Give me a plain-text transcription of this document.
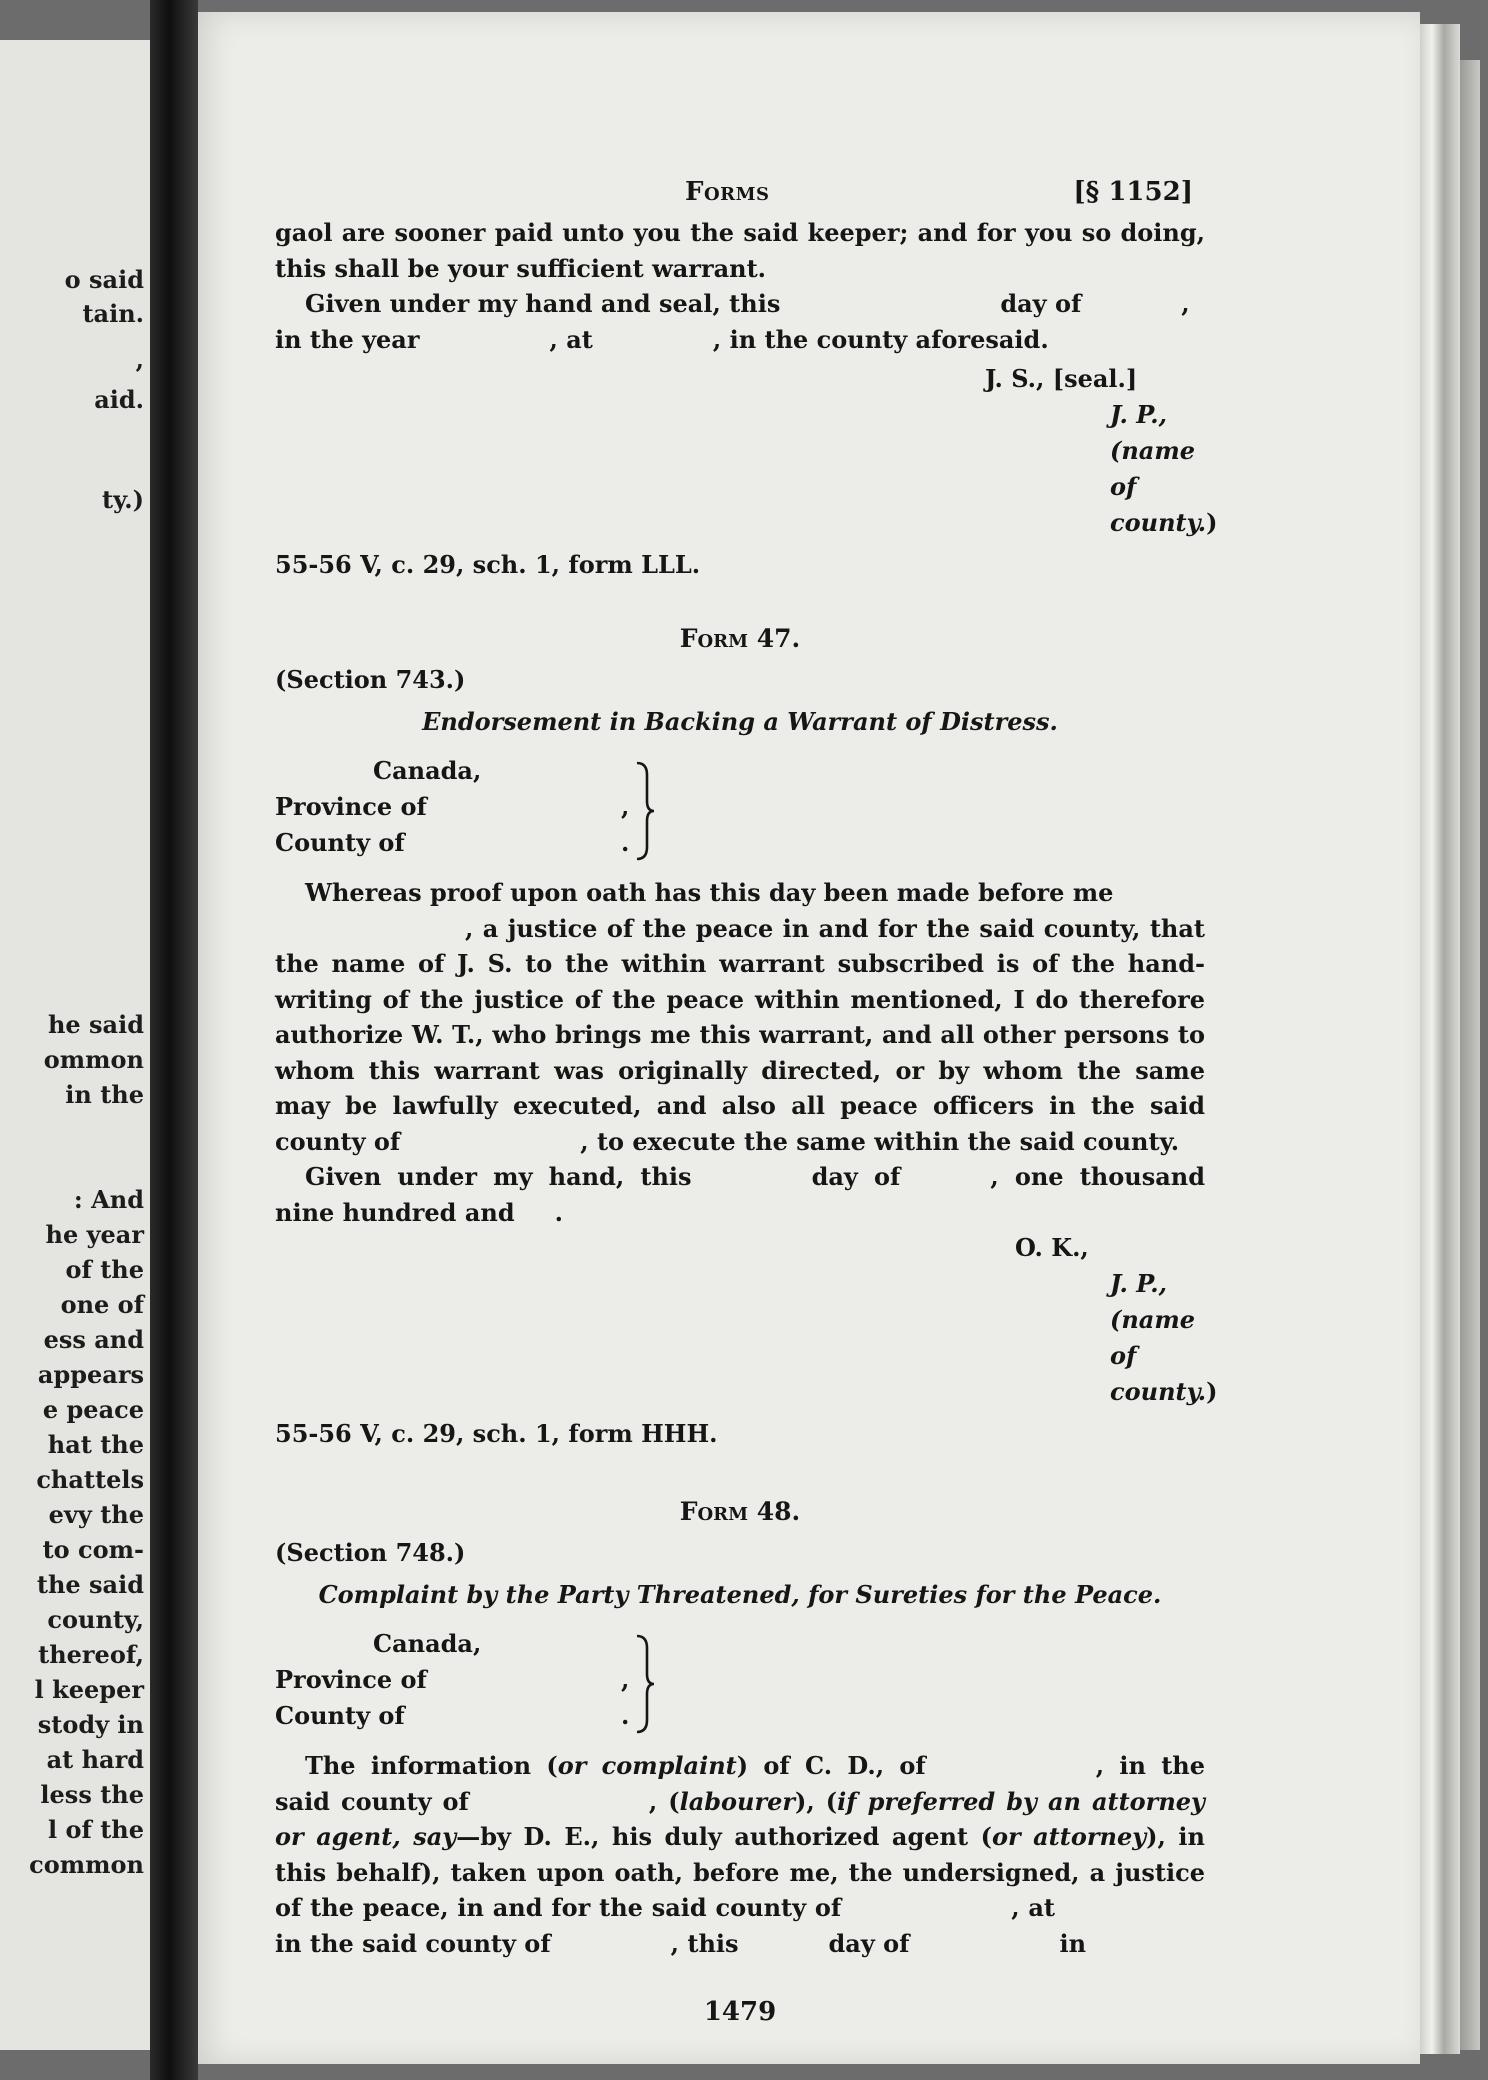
o said
tain.
,
aid.
ty.)
he said
ommon
in the
: And
he year
of the
one of
ess and
appears
e peace
hat the
chattels
evy the
to com-
the said
county,
thereof,
l keeper
stody in
at hard
less the
l of the
common
Forms	[§ 1152]

gaol are sooner paid unto you the said keeper; and for you so doing, this shall be your sufficient warrant.

Given under my hand and seal, this	day of	,

in the year	, at	, in the county aforesaid.

J. S., [seal.]
J. P., (name of county.)

55-56 V, c. 29, sch. 1, form LLL.

Form 47.

(Section 743.)

Endorsement in Backing a Warrant of Distress.
Canada,
Province of
County of
,
.

Whereas proof upon oath has this day been made before me
, a justice of the peace in and for the said county, that the name of J. S. to the within warrant subscribed is of the hand-writing of the justice of the peace within mentioned, I do therefore authorize W. T., who brings me this warrant, and all other persons to whom this warrant was originally directed, or by whom the same may be lawfully executed, and also all peace officers in the said county of	, to execute the same within the said county.

Given under my hand, this	day of	, one thousand nine hundred and .

O. K.,
J. P., (name of county.)

55-56 V, c. 29, sch. 1, form HHH.

Form 48.

(Section 748.)

Complaint by the Party Threatened, for Sureties for the Peace.
Canada,
Province of
County of
,
.

The information (or complaint) of C. D., of	, in the said county of	, (labourer), (if preferred by an attorney or agent, say—by D. E., his duly authorized agent (or attorney), in this behalf), taken upon oath, before me, the undersigned, a justice of the peace, in and for the said county of	, atin the said county of	, this	day of	in

1479
